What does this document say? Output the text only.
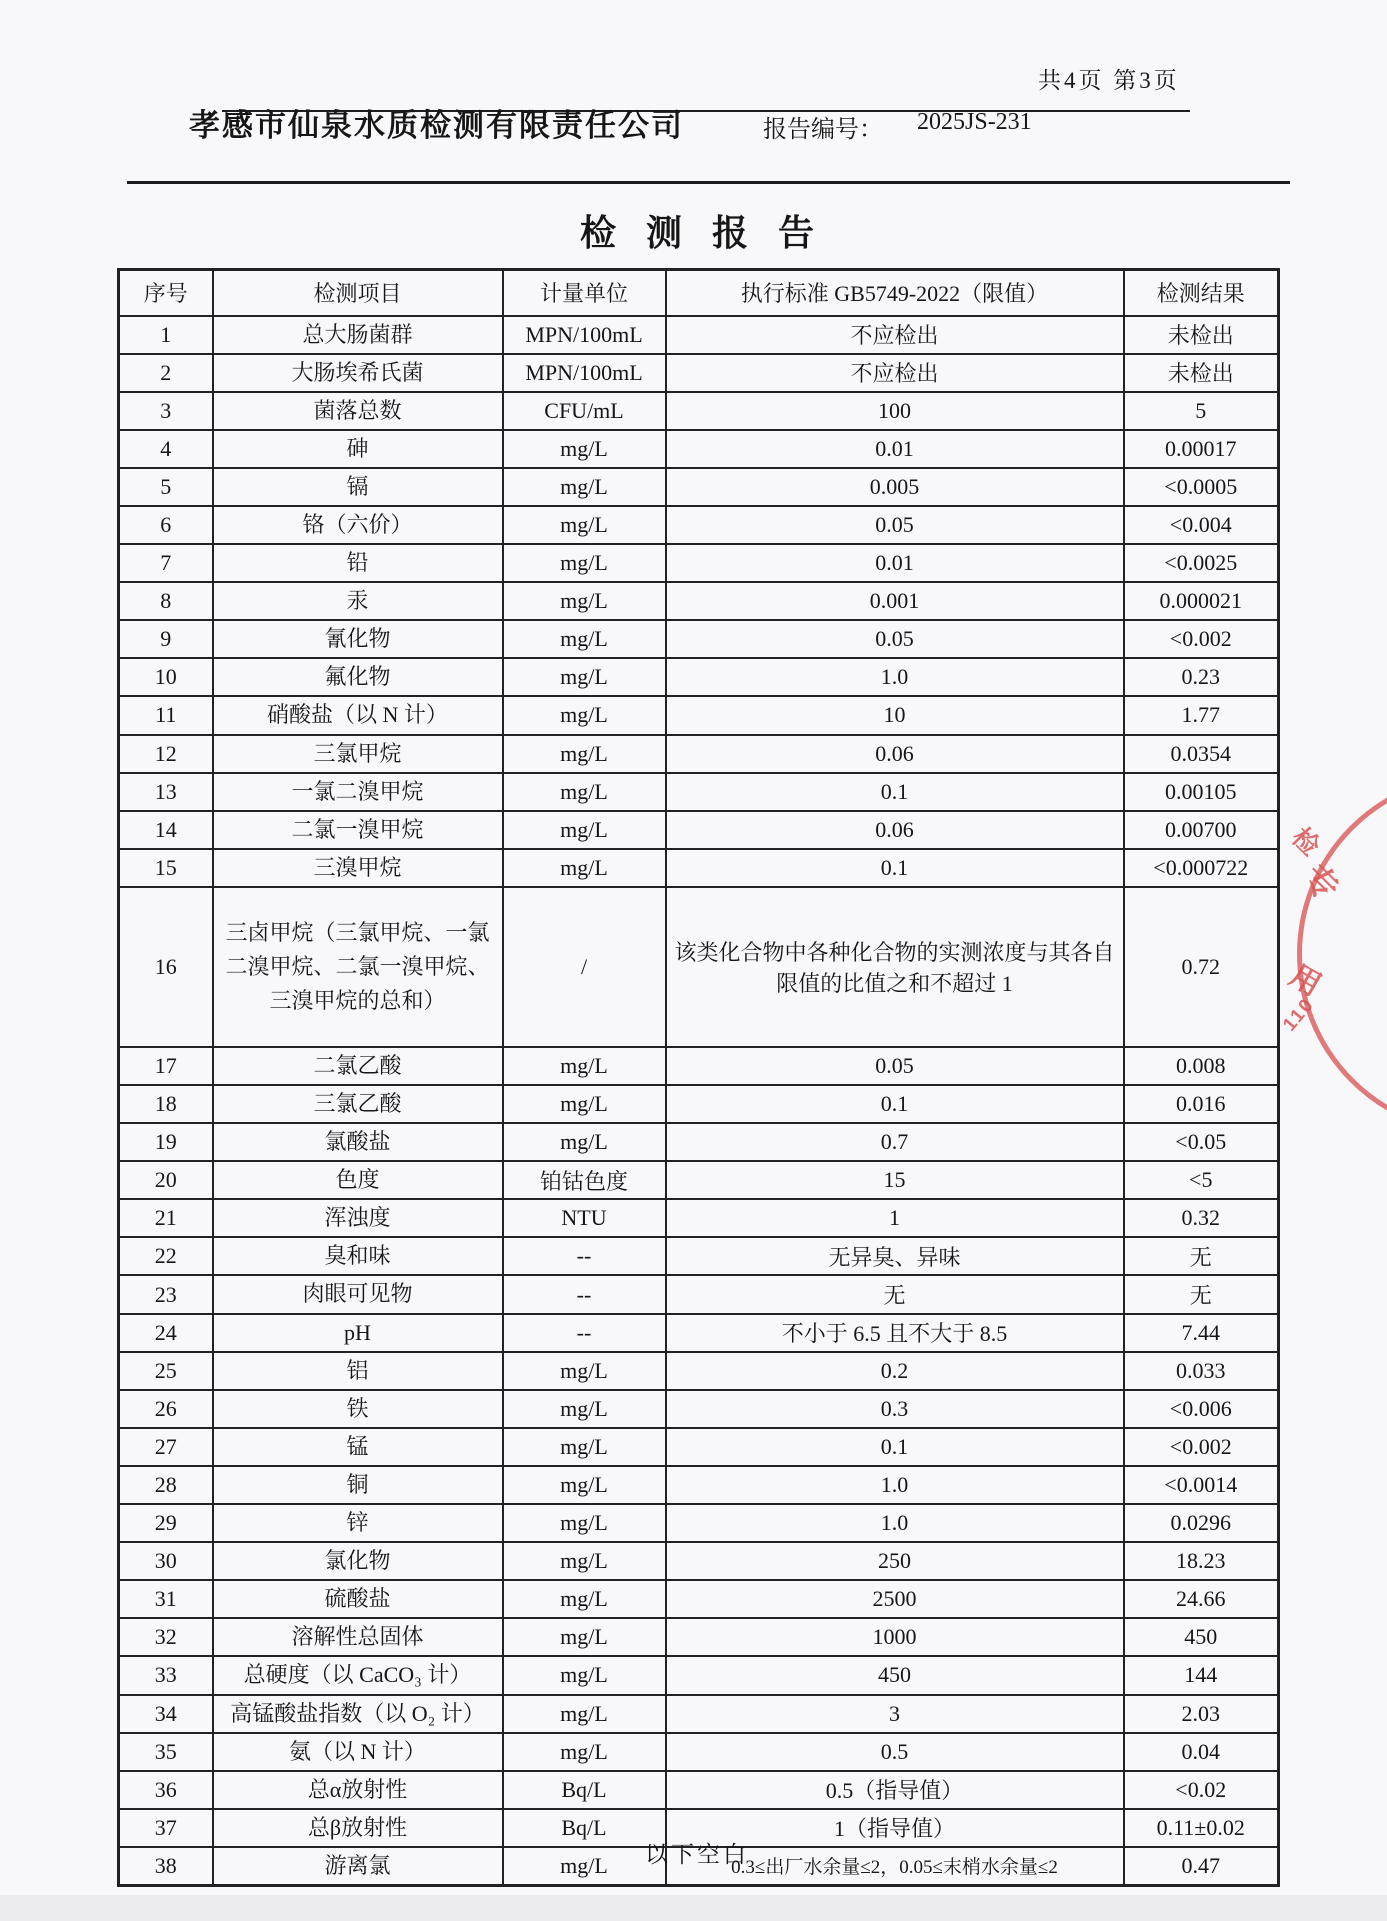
共4页 第3页
孝感市仙泉水质检测有限责任公司	报告编号： 2025JS-231
检测报告
序号	检测项目	计量单位	执行标准 GB5749-2022（限值）	检测结果
1	总大肠菌群	MPN/100mL	不应检出	未检出
2	大肠埃希氏菌	MPN/100mL	不应检出	未检出
3	菌落总数	CFU/mL	100	5
4	砷	mg/L	0.01	0.00017
5	镉	mg/L	0.005	<0.0005
6	铬（六价）	mg/L	0.05	<0.004
7	铅	mg/L	0.01	<0.0025
8	汞	mg/L	0.001	0.000021
9	氰化物	mg/L	0.05	<0.002
10	氟化物	mg/L	1.0	0.23
11	硝酸盐（以 N 计）	mg/L	10	1.77
12	三氯甲烷	mg/L	0.06	0.0354
13	一氯二溴甲烷	mg/L	0.1	0.00105
14	二氯一溴甲烷	mg/L	0.06	0.00700
15	三溴甲烷	mg/L	0.1	<0.000722
16	三卤甲烷（三氯甲烷、一氯二溴甲烷、二氯一溴甲烷、三溴甲烷的总和）	/	该类化合物中各种化合物的实测浓度与其各自限值的比值之和不超过 1	0.72
17	二氯乙酸	mg/L	0.05	0.008
18	三氯乙酸	mg/L	0.1	0.016
19	氯酸盐	mg/L	0.7	<0.05
20	色度	铂钴色度	15	<5
21	浑浊度	NTU	1	0.32
22	臭和味	--	无异臭、异味	无
23	肉眼可见物	--	无	无
24	pH	--	不小于 6.5 且不大于 8.5	7.44
25	铝	mg/L	0.2	0.033
26	铁	mg/L	0.3	<0.006
27	锰	mg/L	0.1	<0.002
28	铜	mg/L	1.0	<0.0014
29	锌	mg/L	1.0	0.0296
30	氯化物	mg/L	250	18.23
31	硫酸盐	mg/L	2500	24.66
32	溶解性总固体	mg/L	1000	450
33	总硬度（以 CaCO₃ 计）	mg/L	450	144
34	高锰酸盐指数（以 O₂ 计）	mg/L	3	2.03
35	氨（以 N 计）	mg/L	0.5	0.04
36	总α放射性	Bq/L	0.5（指导值）	<0.02
37	总β放射性	Bq/L	1（指导值）	0.11±0.02
38	游离氯	mg/L	0.3≤出厂水余量≤2，0.05≤末梢水余量≤2	0.47
以下空白
检
专
用
110
